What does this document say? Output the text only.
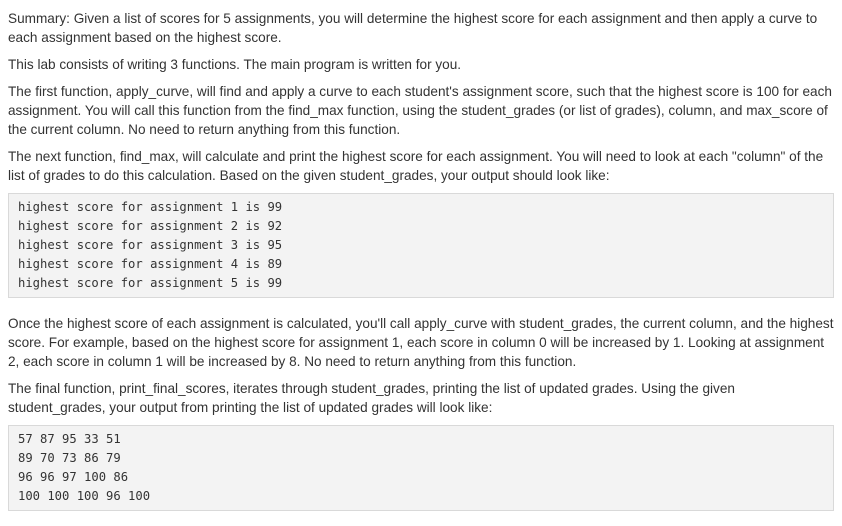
Summary: Given a list of scores for 5 assignments, you will determine the highest score for each assignment and then apply a curve to each assignment based on the highest score.

This lab consists of writing 3 functions. The main program is written for you.

The first function, apply_curve, will find and apply a curve to each student's assignment score, such that the highest score is 100 for each assignment. You will call this function from the find_max function, using the student_grades (or list of grades), column, and max_score of the current column. No need to return anything from this function.

The next function, find_max, will calculate and print the highest score for each assignment. You will need to look at each "column" of the list of grades to do this calculation. Based on the given student_grades, your output should look like:

highest score for assignment 1 is 99
highest score for assignment 2 is 92
highest score for assignment 3 is 95
highest score for assignment 4 is 89
highest score for assignment 5 is 99

Once the highest score of each assignment is calculated, you'll call apply_curve with student_grades, the current column, and the highest score. For example, based on the highest score for assignment 1, each score in column 0 will be increased by 1. Looking at assignment 2, each score in column 1 will be increased by 8. No need to return anything from this function.

The final function, print_final_scores, iterates through student_grades, printing the list of updated grades. Using the given student_grades, your output from printing the list of updated grades will look like:

57 87 95 33 51
89 70 73 86 79
96 96 97 100 86
100 100 100 96 100
